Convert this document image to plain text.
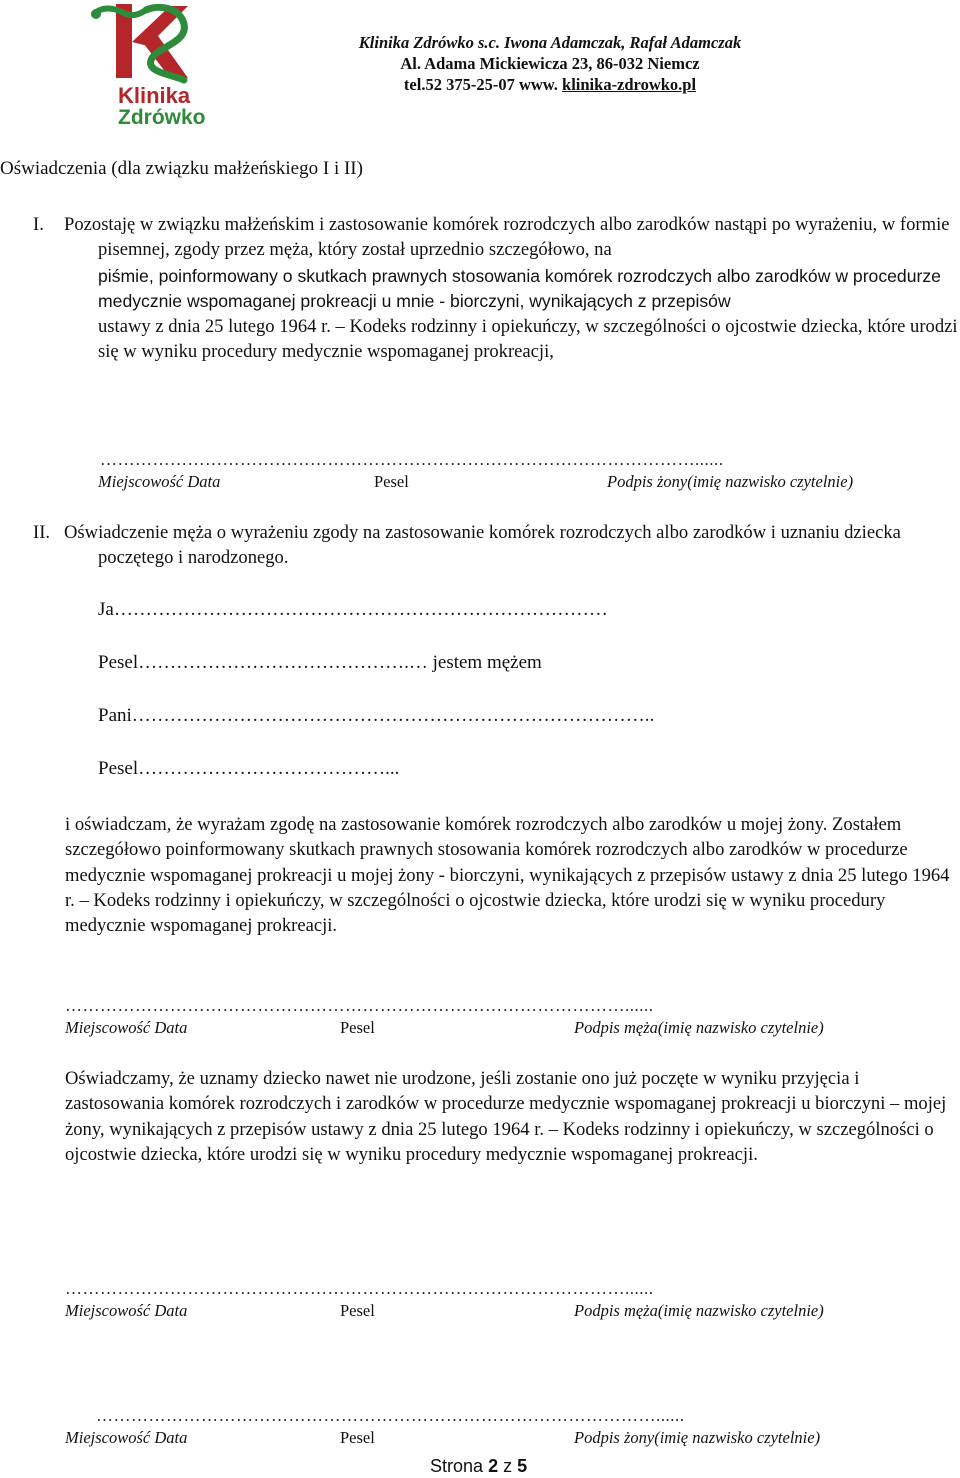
Klinika
Zdrówko
Klinika Zdrówko s.c. Iwona Adamczak, Rafał Adamczak
Al. Adama Mickiewicza 23, 86-032 Niemcz
tel.52 375-25-07 www. klinika-zdrowko.pl
Oświadczenia (dla związku małżeńskiego I i II)
I. Pozostaję w związku małżeńskim i zastosowanie komórek rozrodczych albo zarodków nastąpi po wyrażeniu, w formie pisemnej, zgody przez męża, który został uprzednio szczegółowo, na
piśmie, poinformowany o skutkach prawnych stosowania komórek rozrodczych albo zarodków w procedurze medycznie wspomaganej prokreacji u mnie - biorczyni, wynikających z przepisów
ustawy z dnia 25 lutego 1964 r. – Kodeks rodzinny i opiekuńczy, w szczególności o ojcostwie dziecka, które urodzi się w wyniku procedury medycznie wspomaganej prokreacji,
…………………………………………………………………………………………......
Miejscowość Data	Pesel	Podpis żony(imię nazwisko czytelnie)
II. Oświadczenie męża o wyrażeniu zgody na zastosowanie komórek rozrodczych albo zarodków i uznaniu dziecka poczętego i narodzonego.
Ja……………………………………………………………………
Pesel…………………………………….… jestem mężem
Pani………………………………………………………………………..
Pesel…………………………………...
i oświadczam, że wyrażam zgodę na zastosowanie komórek rozrodczych albo zarodków u mojej żony. Zostałem szczegółowo poinformowany skutkach prawnych stosowania komórek rozrodczych albo zarodków w procedurze medycznie wspomaganej prokreacji u mojej żony - biorczyni, wynikających z przepisów ustawy z dnia 25 lutego 1964 r. – Kodeks rodzinny i opiekuńczy, w szczególności o ojcostwie dziecka, które urodzi się w wyniku procedury medycznie wspomaganej prokreacji.
……………………………………………………………………………………......
Miejscowość Data	Pesel	Podpis męża(imię nazwisko czytelnie)
Oświadczamy, że uznamy dziecko nawet nie urodzone, jeśli zostanie ono już poczęte w wyniku przyjęcia i zastosowania komórek rozrodczych i zarodków w procedurze medycznie wspomaganej prokreacji u biorczyni – mojej żony, wynikających z przepisów ustawy z dnia 25 lutego 1964 r. – Kodeks rodzinny i opiekuńczy, w szczególności o ojcostwie dziecka, które urodzi się w wyniku procedury medycznie wspomaganej prokreacji.
……………………………………………………………………………………......
Miejscowość Data	Pesel	Podpis męża(imię nazwisko czytelnie)
……………………………………………………………………………………......
Miejscowość Data	Pesel	Podpis żony(imię nazwisko czytelnie)
Strona 2 z 5
